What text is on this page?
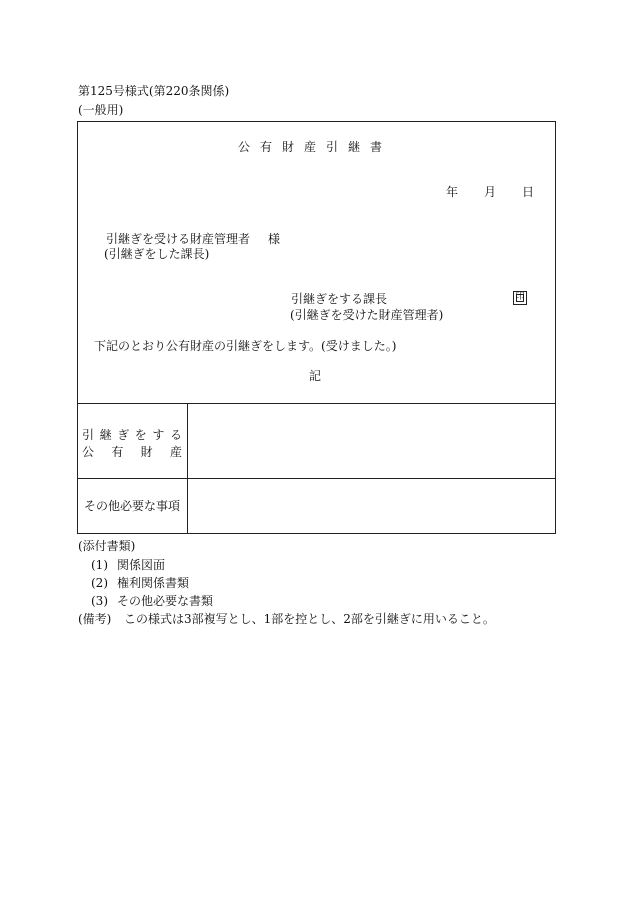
第125号様式(第220条関係)
(一般用)
公有財産引継書
年 月 日
引継ぎを受ける財産管理者 様
(引継ぎをした課長)
引継ぎをする課長
(引継ぎを受けた財産管理者)
印
下記のとおり公有財産の引継ぎをします。(受けました。)
記
引 継 ぎ を す る
公 有 財 産
その他必要な事項
(添付書類)
(1) 関係図面
(2) 権利関係書類
(3) その他必要な書類
(備考) この様式は3部複写とし、1部を控とし、2部を引継ぎに用いること。
